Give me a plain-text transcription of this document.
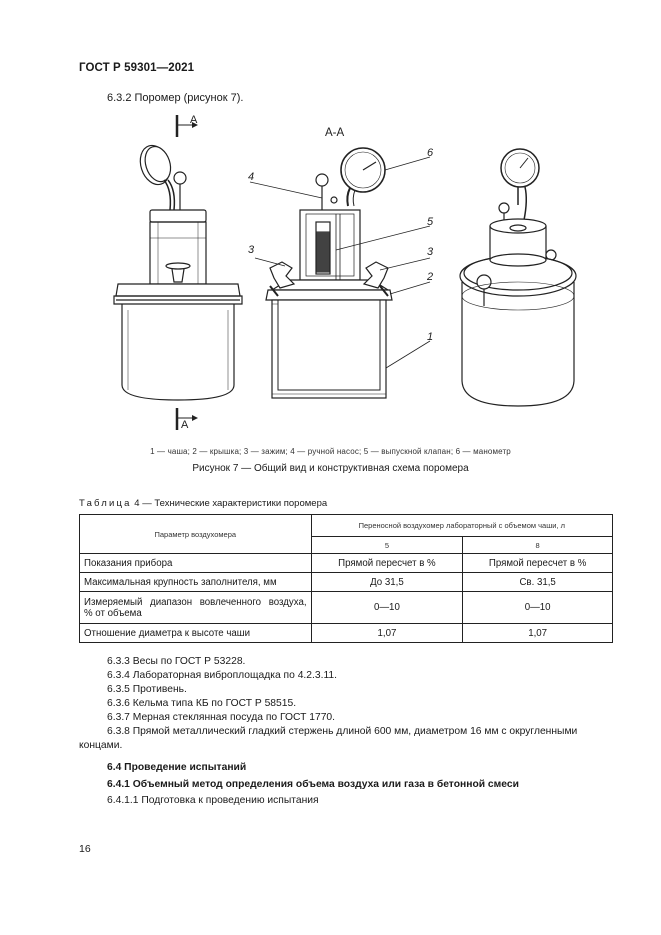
ГОСТ Р 59301—2021
6.3.2 Поромер (рисунок 7).
А
А
А-А
4
3
6
5
3
2
1
1 — чаша; 2 — крышка; 3 — зажим; 4 — ручной насос; 5 — выпускной клапан; 6 — манометр
Рисунок 7 — Общий вид и конструктивная схема поромера
Таблица 4 — Технические характеристики поромера
Параметр воздухомера	Переносной воздухомер лабораторный с объемом чаши, л	
	5	8
Показания прибора	Прямой пересчет в %	Прямой пересчет в %
Максимальная крупность заполнителя, мм	До 31,5	Св. 31,5

Измеряемый диапазон вовлеченного воздуха,
% от объема	0—10	0—10
Отношение диаметра к высоте чаши	1,07	1,07
6.3.3 Весы по ГОСТ Р 53228.
6.3.4 Лабораторная виброплощадка по 4.2.3.11.
6.3.5 Противень.
6.3.6 Кельма типа КБ по ГОСТ Р 58515.
6.3.7 Мерная стеклянная посуда по ГОСТ 1770.
6.3.8 Прямой металлический гладкий стержень длиной 600 мм, диаметром 16 мм с округленными
концами.
6.4 Проведение испытаний
6.4.1 Объемный метод определения объема воздуха или газа в бетонной смеси
6.4.1.1 Подготовка к проведению испытания
16
